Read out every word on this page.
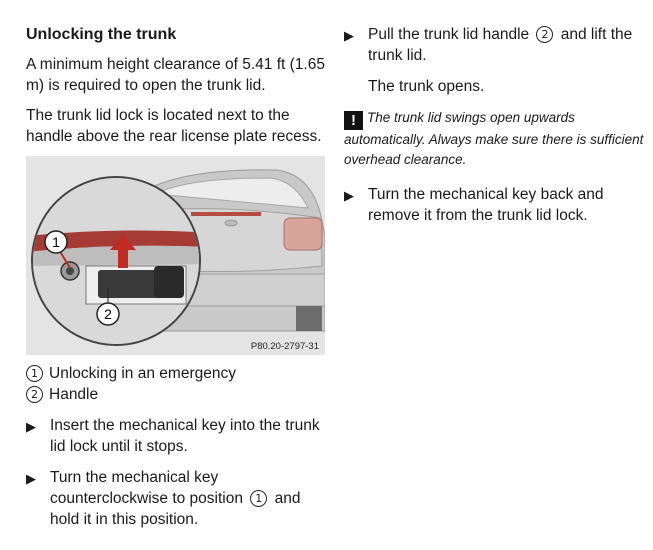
Unlocking the trunk

A minimum height clearance of 5.41 ft (1.65 m) is required to open the trunk lid.

The trunk lid lock is located next to the handle above the rear license plate recess.

1
2
P80.20-2797-31
1 Unlocking in an emergency
2 Handle
▶ Insert the mechanical key into the trunk lid lock until it stops.
▶ Turn the mechanical key counterclockwise to position 1 and hold it in this position.
▶ Pull the trunk lid handle 2 and lift the trunk lid.
The trunk opens.
! The trunk lid swings open upwards automatically. Always make sure there is sufficient overhead clearance.
▶ Turn the mechanical key back and remove it from the trunk lid lock.
